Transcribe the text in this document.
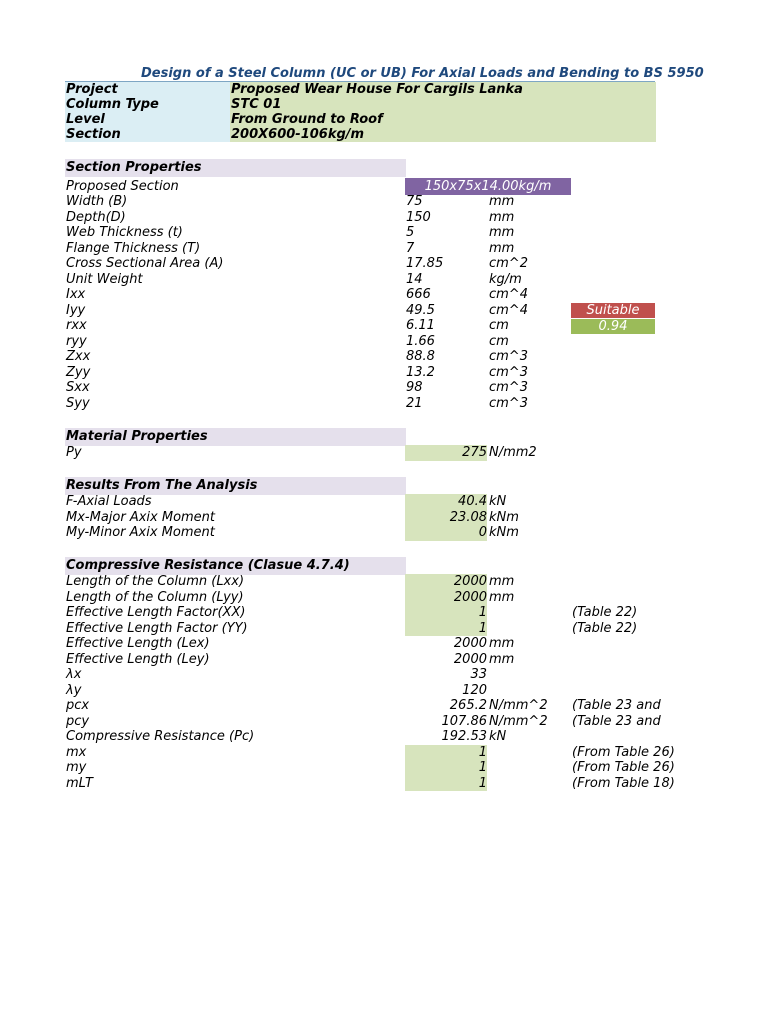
Design of a Steel Column (UC or UB) For Axial Loads and Bending to BS 5950
Project	Proposed Wear House For Cargils Lanka
Column Type	STC 01
Level	From Ground to Roof
Section	200X600-106kg/m
Section Properties
Proposed Section	150x75x14.00kg/m
Width (B)	75	mm
Depth(D)	150	mm
Web Thickness (t)	5	mm
Flange Thickness (T)	7	mm
Cross Sectional Area (A)	17.85	cm^2
Unit Weight	14	kg/m
Ixx	666	cm^4
Iyy	49.5	cm^4
rxx	6.11	cm
ryy	1.66	cm
Zxx	88.8	cm^3
Zyy	13.2	cm^3
Sxx	98	cm^3
Syy	21	cm^3
Suitable
0.94
Material Properties
Py	275 N/mm2
Results From The Analysis
F-Axial Loads	40.4 kN
Mx-Major Axix Moment	23.08 kNm
My-Minor Axix Moment	0 kNm
Compressive Resistance (Clasue 4.7.4)
Length of the Column (Lxx)	2000 mm
Length of the Column (Lyy)	2000 mm
Effective Length Factor(XX)	1	(Table 22)
Effective Length Factor (YY)	1	(Table 22)
Effective Length (Lex)	2000 mm
Effective Length (Ley)	2000 mm
λx	33
λy	120
pcx	265.2 N/mm^2 (Table 23 and
pcy	107.86 N/mm^2 (Table 23 and
Compressive Resistance (Pc)	192.53 kN
mx	1	(From Table 26)
my	1	(From Table 26)
mLT	1	(From Table 18)
